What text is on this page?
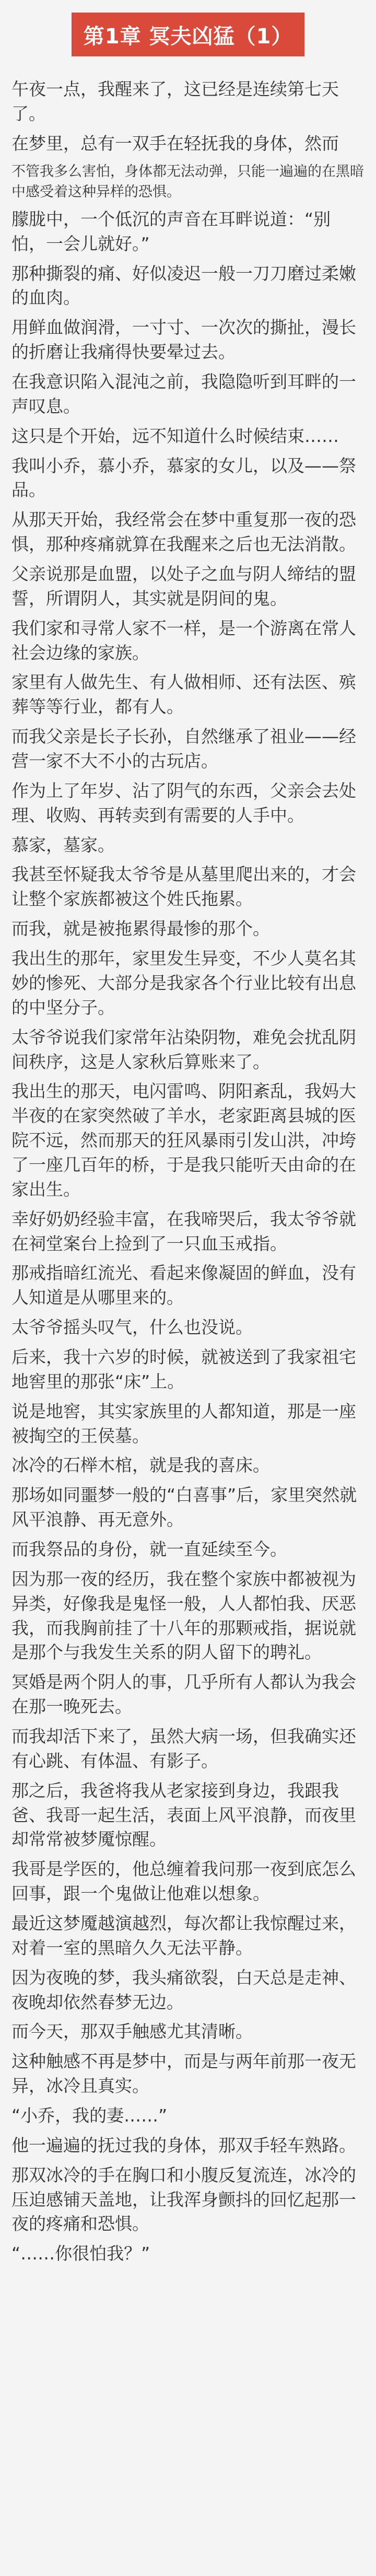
第1章 冥夫凶猛（1）

午夜一点，我醒来了，这已经是连续第七天了。

在梦里，总有一双手在轻抚我的身体，然而

不管我多么害怕，身体都无法动弹，只能一遍遍的在黑暗中感受着这种异样的恐惧。

朦胧中，一个低沉的声音在耳畔说道：“别怕，一会儿就好。”

那种撕裂的痛、好似凌迟一般一刀刀磨过柔嫩的血肉。

用鲜血做润滑，一寸寸、一次次的撕扯，漫长的折磨让我痛得快要晕过去。

在我意识陷入混沌之前，我隐隐听到耳畔的一声叹息。

这只是个开始，远不知道什么时候结束……

我叫小乔，慕小乔，慕家的女儿，以及——祭品。

从那天开始，我经常会在梦中重复那一夜的恐惧，那种疼痛就算在我醒来之后也无法消散。

父亲说那是血盟，以处子之血与阴人缔结的盟誓，所谓阴人，其实就是阴间的鬼。

我们家和寻常人家不一样，是一个游离在常人社会边缘的家族。

家里有人做先生、有人做相师、还有法医、殡葬等等行业，都有人。

而我父亲是长子长孙，自然继承了祖业——经营一家不大不小的古玩店。

作为上了年岁、沾了阴气的东西，父亲会去处理、收购、再转卖到有需要的人手中。

慕家，墓家。

我甚至怀疑我太爷爷是从墓里爬出来的，才会让整个家族都被这个姓氏拖累。

而我，就是被拖累得最惨的那个。

我出生的那年，家里发生异变，不少人莫名其妙的惨死、大部分是我家各个行业比较有出息的中坚分子。

太爷爷说我们家常年沾染阴物，难免会扰乱阴间秩序，这是人家秋后算账来了。

我出生的那天，电闪雷鸣、阴阳紊乱，我妈大半夜的在家突然破了羊水，老家距离县城的医院不远，然而那天的狂风暴雨引发山洪，冲垮了一座几百年的桥，于是我只能听天由命的在家出生。

幸好奶奶经验丰富，在我啼哭后，我太爷爷就在祠堂案台上捡到了一只血玉戒指。

那戒指暗红流光、看起来像凝固的鲜血，没有人知道是从哪里来的。

太爷爷摇头叹气，什么也没说。

后来，我十六岁的时候，就被送到了我家祖宅地窖里的那张“床”上。

说是地窖，其实家族里的人都知道，那是一座被掏空的王侯墓。

冰冷的石榉木棺，就是我的喜床。

那场如同噩梦一般的“白喜事”后，家里突然就风平浪静、再无意外。

而我祭品的身份，就一直延续至今。

因为那一夜的经历，我在整个家族中都被视为异类，好像我是鬼怪一般，人人都怕我、厌恶我，而我胸前挂了十八年的那颗戒指，据说就是那个与我发生关系的阴人留下的聘礼。

冥婚是两个阴人的事，几乎所有人都认为我会在那一晚死去。

而我却活下来了，虽然大病一场，但我确实还有心跳、有体温、有影子。

那之后，我爸将我从老家接到身边，我跟我爸、我哥一起生活，表面上风平浪静，而夜里却常常被梦魇惊醒。

我哥是学医的，他总缠着我问那一夜到底怎么回事，跟一个鬼做让他难以想象。

最近这梦魇越演越烈，每次都让我惊醒过来，对着一室的黑暗久久无法平静。

因为夜晚的梦，我头痛欲裂，白天总是走神、夜晚却依然春梦无边。

而今天，那双手触感尤其清晰。

这种触感不再是梦中，而是与两年前那一夜无异，冰冷且真实。

“小乔，我的妻……”

他一遍遍的抚过我的身体，那双手轻车熟路。

那双冰冷的手在胸口和小腹反复流连，冰冷的压迫感铺天盖地，让我浑身颤抖的回忆起那一夜的疼痛和恐惧。

“……你很怕我？”
